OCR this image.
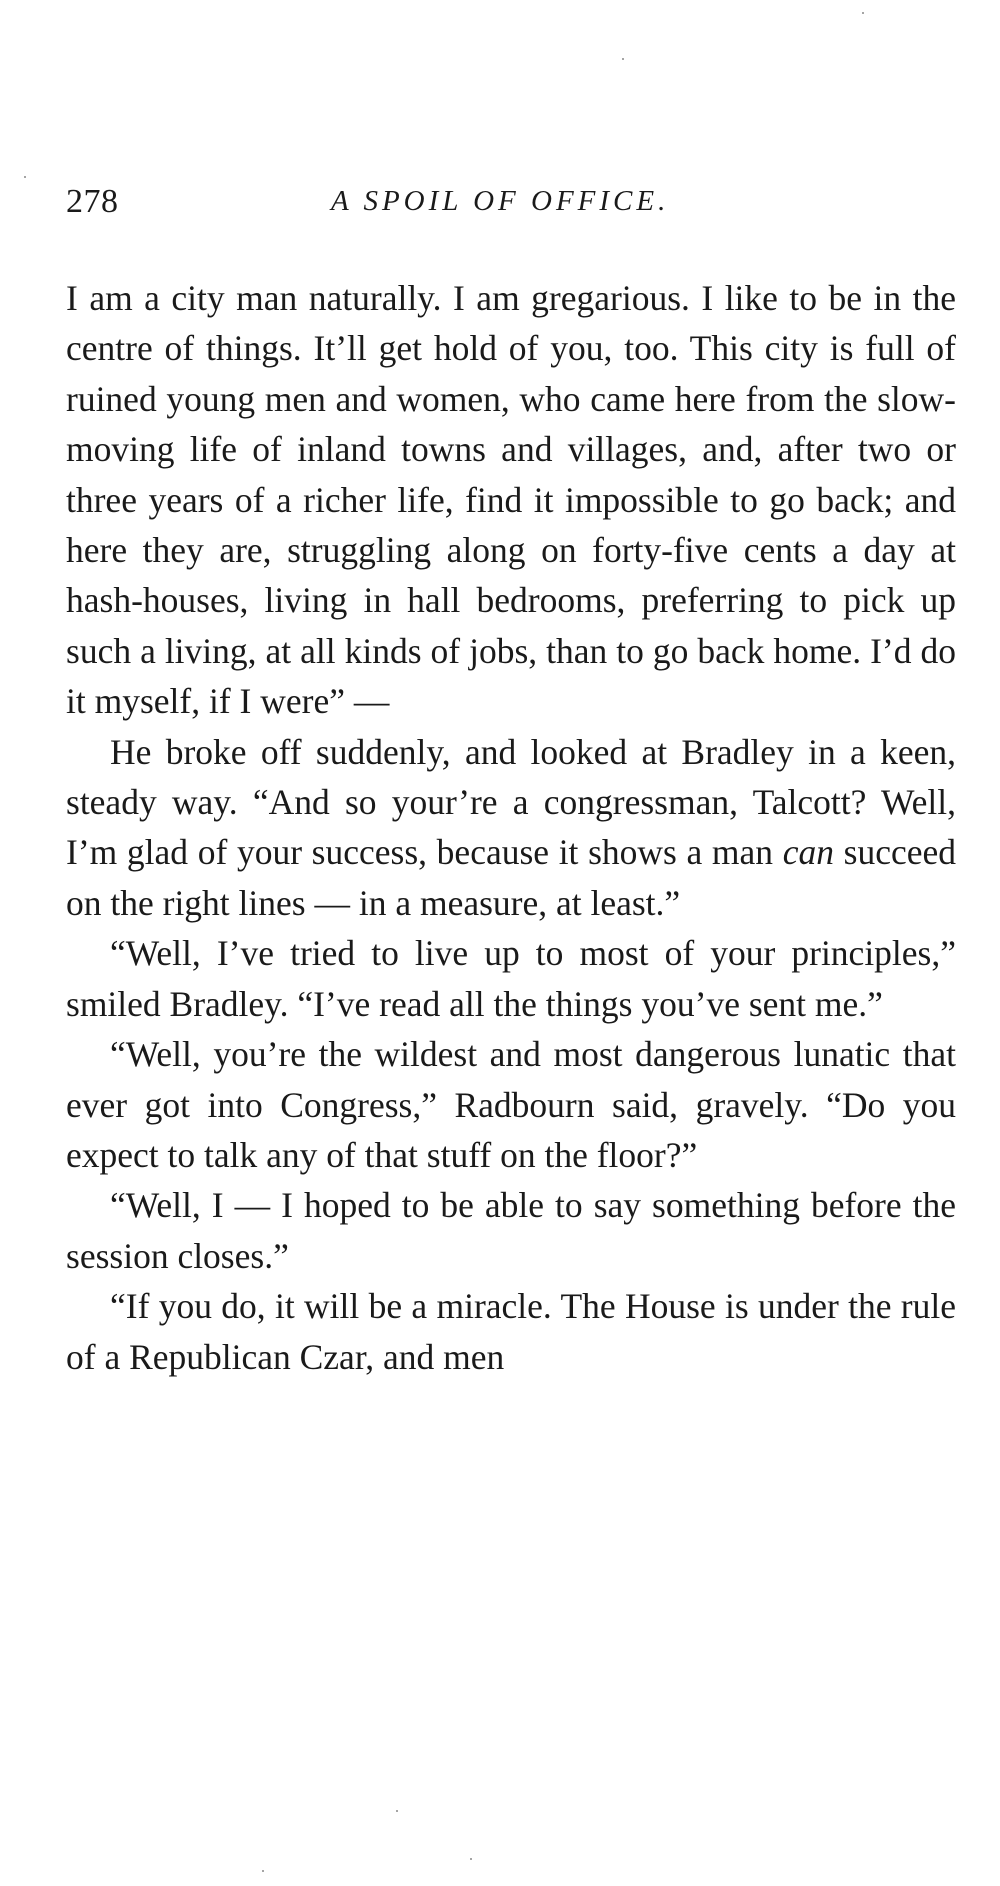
278	A SPOIL OF OFFICE.

I am a city man naturally. I am gregarious. I like to be in the centre of things. It’ll get hold of you, too. This city is full of ruined young men and women, who came here from the slow-moving life of inland towns and villages, and, after two or three years of a richer life, find it impossible to go back; and here they are, struggling along on forty-five cents a day at hash-houses, living in hall bedrooms, preferring to pick up such a living, at all kinds of jobs, than to go back home. I’d do it myself, if I were” —

He broke off suddenly, and looked at Bradley in a keen, steady way. “And so your’re a congressman, Talcott? Well, I’m glad of your success, because it shows a man can succeed on the right lines — in a measure, at least.”

“Well, I’ve tried to live up to most of your principles,” smiled Bradley. “I’ve read all the things you’ve sent me.”

“Well, you’re the wildest and most dangerous lunatic that ever got into Congress,” Radbourn said, gravely. “Do you expect to talk any of that stuff on the floor?”

“Well, I — I hoped to be able to say something before the session closes.”

“If you do, it will be a miracle. The House is under the rule of a Republican Czar, and men
